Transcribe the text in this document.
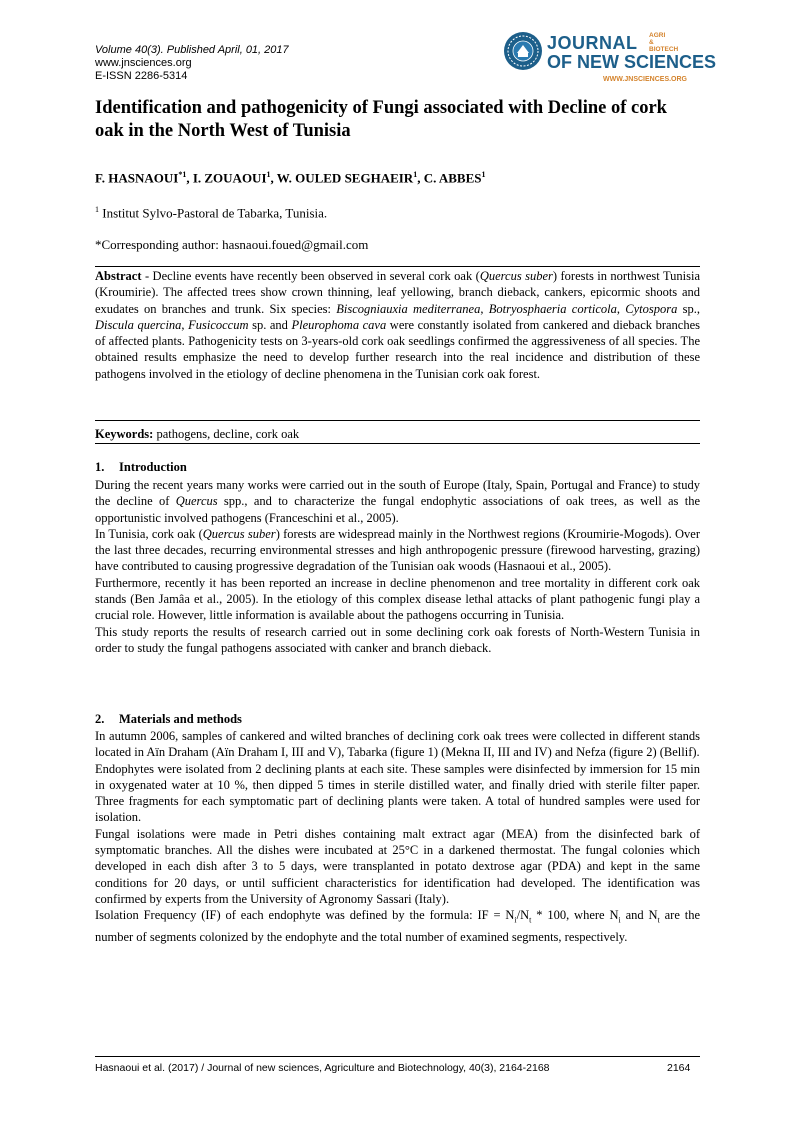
Volume 40(3). Published April, 01, 2017
www.jnsciences.org
E-ISSN 2286-5314
JOURNAL AGRI
&
BIOTECH
OF NEW SCIENCES
WWW.JNSCIENCES.ORG
Identification and pathogenicity of Fungi associated with Decline of cork oak in the North West of Tunisia
F. HASNAOUI$^{*1}$, I. ZOUAOUI$^1$, W. OULED SEGHAEIR$^1$, C. ABBES$^1$
$^1$ Institut Sylvo-Pastoral de Tabarka, Tunisia.
*Corresponding author: hasnaoui.foued@gmail.com

Abstract - Decline events have recently been observed in several cork oak (Quercus suber) forests in northwest Tunisia (Kroumirie). The affected trees show crown thinning, leaf yellowing, branch dieback, cankers, epicormic shoots and exudates on branches and trunk. Six species: Biscogniauxia mediterranea, Botryosphaeria corticola, Cytospora sp., Discula quercina, Fusicoccum sp. and Pleurophoma cava were constantly isolated from cankered and dieback branches of affected plants. Pathogenicity tests on 3-years-old cork oak seedlings confirmed the aggressiveness of all species. The obtained results emphasize the need to develop further research into the real incidence and distribution of these pathogens involved in the etiology of decline phenomena in the Tunisian cork oak forest.

Keywords: pathogens, decline, cork oak

1. Introduction
During the recent years many works were carried out in the south of Europe (Italy, Spain, Portugal and France) to study the decline of Quercus spp., and to characterize the fungal endophytic associations of oak trees, as well as the opportunistic involved pathogens (Franceschini et al., 2005).
In Tunisia, cork oak (Quercus suber) forests are widespread mainly in the Northwest regions (Kroumirie-Mogods). Over the last three decades, recurring environmental stresses and high anthropogenic pressure (firewood harvesting, grazing) have contributed to causing progressive degradation of the Tunisian oak woods (Hasnaoui et al., 2005).
Furthermore, recently it has been reported an increase in decline phenomenon and tree mortality in different cork oak stands (Ben Jamâa et al., 2005). In the etiology of this complex disease lethal attacks of plant pathogenic fungi play a crucial role. However, little information is available about the pathogens occurring in Tunisia.
This study reports the results of research carried out in some declining cork oak forests of North-Western Tunisia in order to study the fungal pathogens associated with canker and branch dieback.
2. Materials and methods
In autumn 2006, samples of cankered and wilted branches of declining cork oak trees were collected in different stands located in Aïn Draham (Aïn Draham I, III and V), Tabarka (figure 1) (Mekna II, III and IV) and Nefza (figure 2) (Bellif).
Endophytes were isolated from 2 declining plants at each site. These samples were disinfected by immersion for 15 min in oxygenated water at 10 %, then dipped 5 times in sterile distilled water, and finally dried with sterile filter paper. Three fragments for each symptomatic part of declining plants were taken. A total of hundred samples were used for isolation.
Fungal isolations were made in Petri dishes containing malt extract agar (MEA) from the disinfected bark of symptomatic branches. All the dishes were incubated at 25°C in a darkened thermostat. The fungal colonies which developed in each dish after 3 to 5 days, were transplanted in potato dextrose agar (PDA) and kept in the same conditions for 20 days, or until sufficient characteristics for identification had developed. The identification was confirmed by experts from the University of Agronomy Sassari (Italy).
Isolation Frequency (IF) of each endophyte was defined by the formula: IF = $N_i/N_t * 100$, where $N_i$ and $N_t$ are the number of segments colonized by the endophyte and the total number of examined segments, respectively.
Hasnaoui et al. (2017) / Journal of new sciences, Agriculture and Biotechnology, 40(3), 2164-2168	2164
